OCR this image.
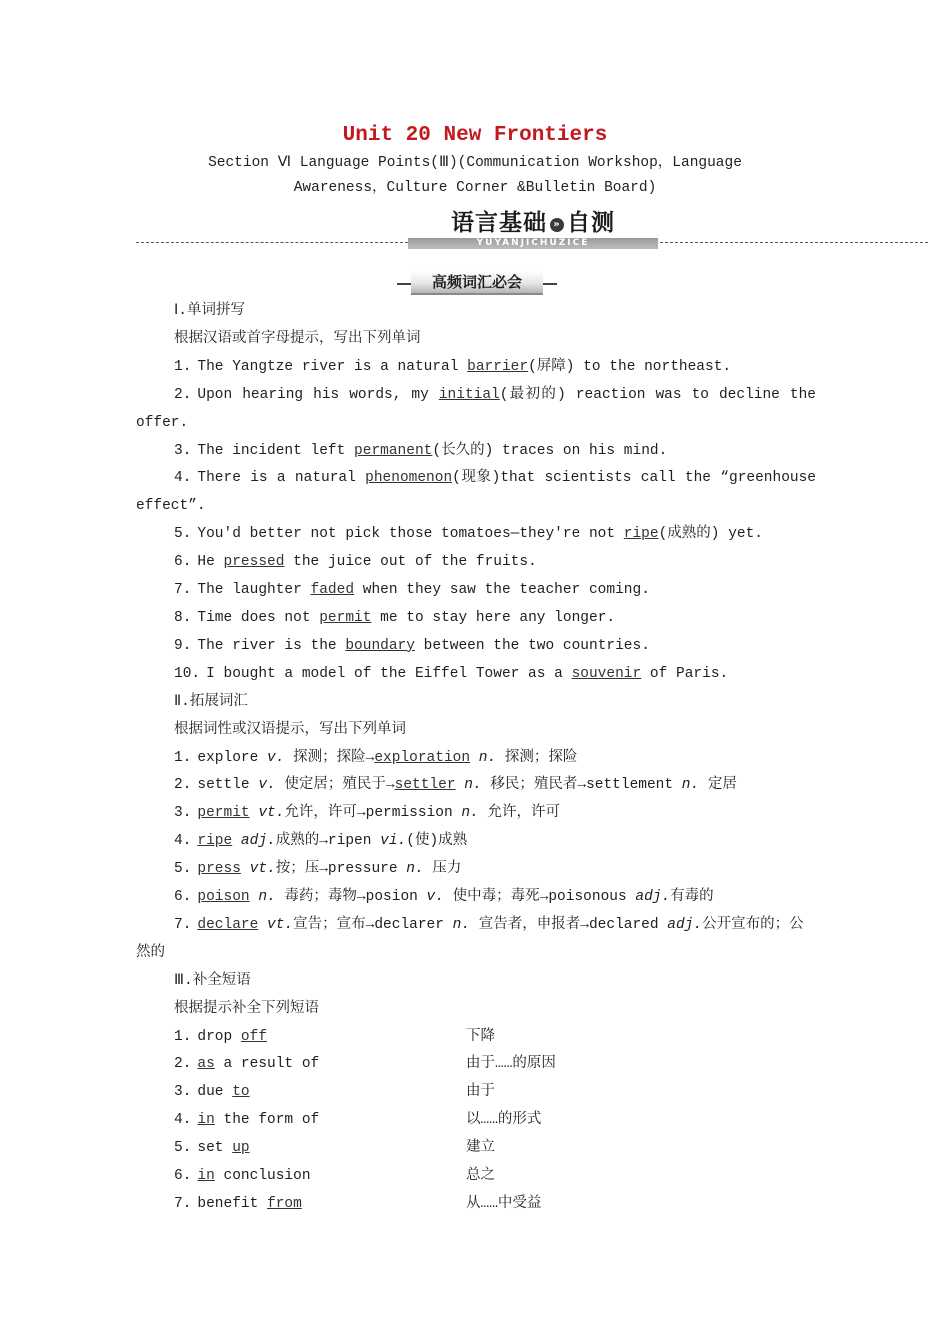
Unit 20 New Frontiers
Section Ⅵ Language Points(Ⅲ)(Communication Workshop，Language
Awareness，Culture Corner &Bulletin Board)
语言基础 » 自测
YUYANJICHUZICE
高频词汇必会

Ⅰ.单词拼写

根据汉语或首字母提示，写出下列单词

1. The Yangtze river is a natural barrier(屏障) to the northeast.

2. Upon hearing his words, my initial(最初的) reaction was to decline the offer.

3. The incident left permanent(长久的) traces on his mind.

4. There is a natural phenomenon(现象)that scientists call the “greenhouse effect”.

5. You'd better not pick those tomatoes—they're not ripe(成熟的) yet.

6. He pressed the juice out of the fruits.

7. The laughter faded when they saw the teacher coming.

8. Time does not permit me to stay here any longer.

9. The river is the boundary between the two countries.

10. I bought a model of the Eiffel Tower as a souvenir of Paris.

Ⅱ.拓展词汇

根据词性或汉语提示，写出下列单词

1. explore v. 探测；探险→exploration n. 探测；探险

2. settle v. 使定居；殖民于→settler n. 移民；殖民者→settlement n. 定居

3. permit vt.允许，许可→permission n. 允许，许可

4. ripe adj.成熟的→ripen vi.(使)成熟

5. press vt.按；压→pressure n. 压力

6. poison n. 毒药；毒物→posion v. 使中毒；毒死→poisonous adj.有毒的

7. declare vt.宣告；宣布→declarer n. 宣告者，申报者→declared adj.公开宣布的；公然的

Ⅲ.补全短语

根据提示补全下列短语

1. drop off	下降
2. as a result of	由于……的原因
3. due to	由于
4. in the form of	以……的形式
5. set up	建立
6. in conclusion	总之
7. benefit from	从……中受益
